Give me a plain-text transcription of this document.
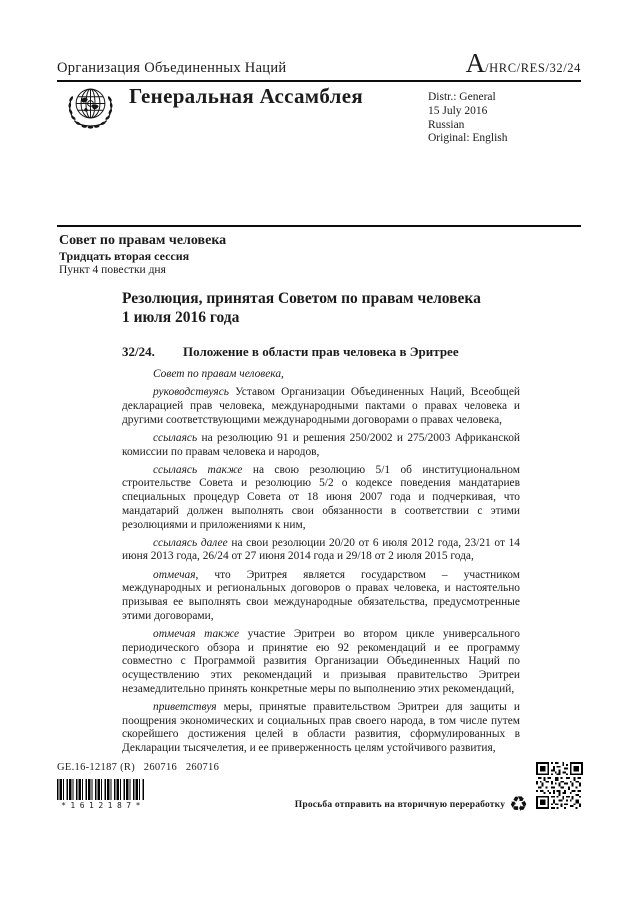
Организация Объединенных Наций	A/HRC/RES/32/24
Генеральная Ассамблея	Distr.: General
15 July 2016
Russian
Original: English
Совет по правам человека
Тридцать вторая сессия
Пункт 4 повестки дня
Резолюция, принятая Советом по правам человека
1 июля 2016 года
32/24. Положение в области прав человека в Эритрее

Совет по правам человека,

руководствуясь Уставом Организации Объединенных Наций, Всеобщей декларацией прав человека, международными пактами о правах человека и другими соответствующими международными договорами о правах человека,

ссылаясь на резолюцию 91 и решения 250/2002 и 275/2003 Африканской комиссии по правам человека и народов,

ссылаясь также на свою резолюцию 5/1 об институциональном строительстве Совета и резолюцию 5/2 о кодексе поведения мандатариев специальных процедур Совета от 18 июня 2007 года и подчеркивая, что мандатарий должен выполнять свои обязанности в соответствии с этими резолюциями и приложениями к ним,

ссылаясь далее на свои резолюции 20/20 от 6 июля 2012 года, 23/21 от 14 июня 2013 года, 26/24 от 27 июня 2014 года и 29/18 от 2 июля 2015 года,

отмечая, что Эритрея является государством – участником международных и региональных договоров о правах человека, и настоятельно призывая ее выполнять свои международные обязательства, предусмотренные этими договорами,

отмечая также участие Эритреи во втором цикле универсального периодического обзора и принятие ею 92 рекомендаций и ее программу совместно с Программой развития Организации Объединенных Наций по осуществлению этих рекомендаций и призывая правительство Эритреи незамедлительно принять конкретные меры по выполнению этих рекомендаций,

приветствуя меры, принятые правительством Эритреи для защиты и поощрения экономических и социальных прав своего народа, в том числе путем скорейшего достижения целей в области развития, сформулированных в Декларации тысячелетия, и ее приверженность целям устойчивого развития,

GE.16-12187 (R)   260716   260716
*1612187*	Просьба отправить на вторичную переработку ♻
